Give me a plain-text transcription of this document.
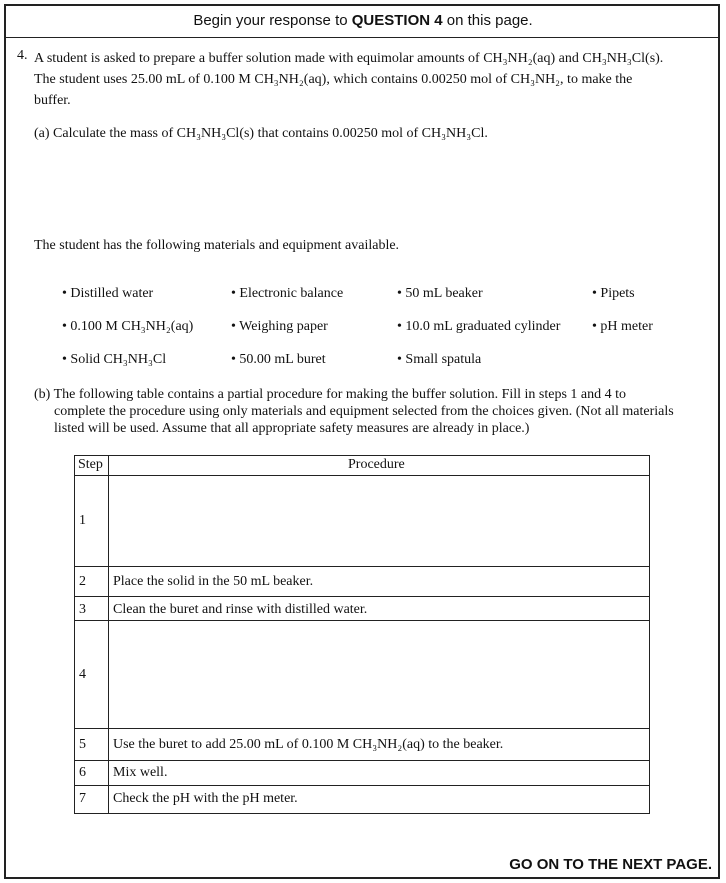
Begin your response to QUESTION 4 on this page.
4. A student is asked to prepare a buffer solution made with equimolar amounts of CH₃NH₂(aq) and CH₃NH₃Cl(s).
The student uses 25.00 mL of 0.100 M CH₃NH₂(aq), which contains 0.00250 mol of CH₃NH₂, to make the
buffer.
(a) Calculate the mass of CH₃NH₃Cl(s) that contains 0.00250 mol of CH₃NH₃Cl.
The student has the following materials and equipment available.
• Distilled water	• Electronic balance	• 50 mL beaker	• Pipets
• 0.100 M CH₃NH₂(aq)	• Weighing paper	• 10.0 mL graduated cylinder • pH meter
• Solid CH₃NH₃Cl	• 50.00 mL buret	• Small spatula
(b) The following table contains a partial procedure for making the buffer solution. Fill in steps 1 and 4 to
complete the procedure using only materials and equipment selected from the choices given. (Not all materials
listed will be used. Assume that all appropriate safety measures are already in place.)
Step	Procedure
1
2 Place the solid in the 50 mL beaker.
3 Clean the buret and rinse with distilled water.
4
5 Use the buret to add 25.00 mL of 0.100 M CH₃NH₂(aq) to the beaker.
6 Mix well.
7 Check the pH with the pH meter.
GO ON TO THE NEXT PAGE.
